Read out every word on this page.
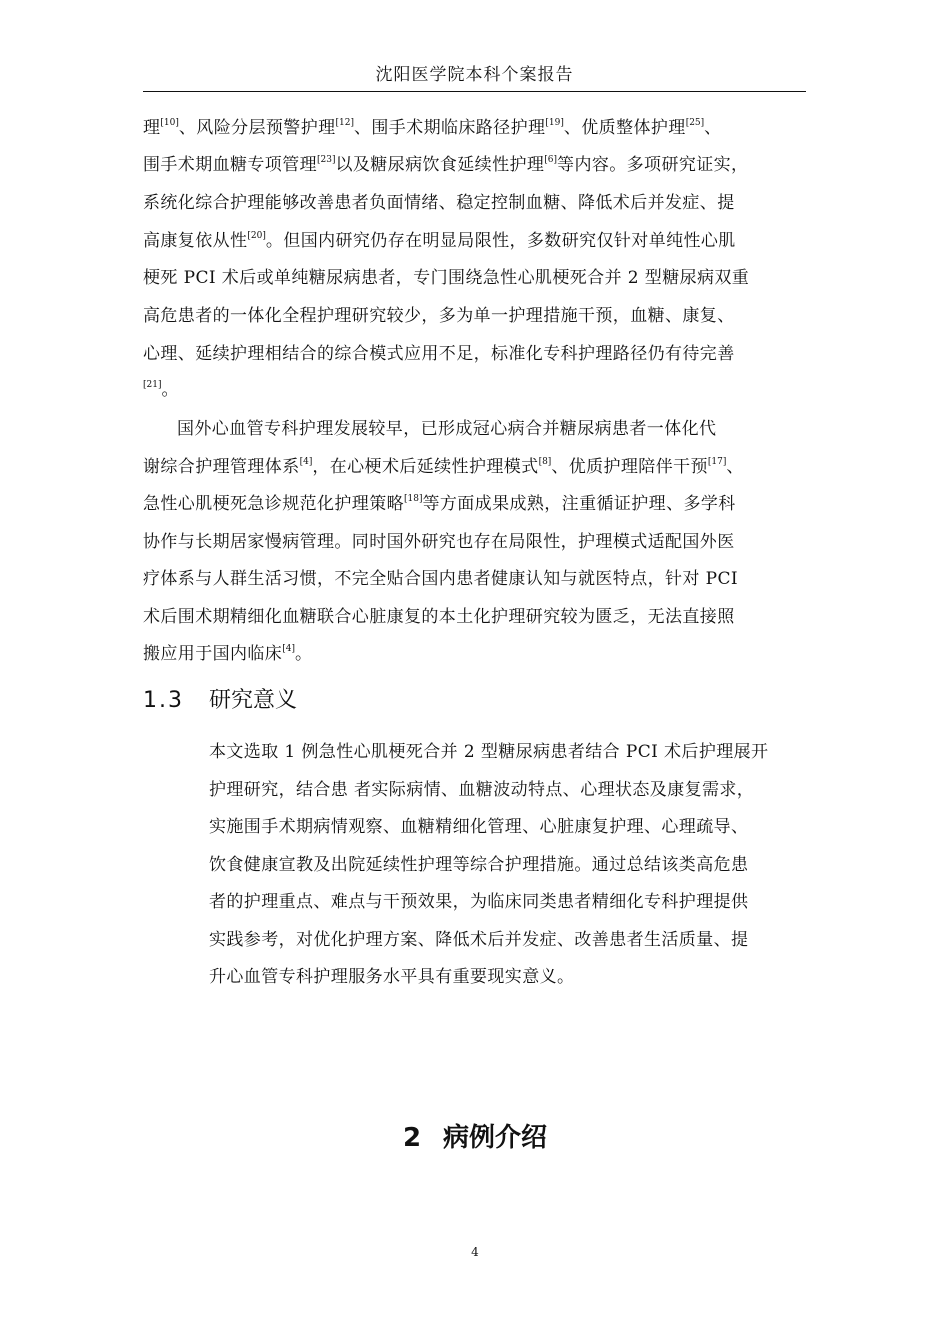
沈阳医学院本科个案报告
理[10]、风险分层预警护理[12]、围手术期临床路径护理[19]、优质整体护理[25]、
围手术期血糖专项管理[23]以及糖尿病饮食延续性护理[6]等内容。多项研究证实，
系统化综合护理能够改善患者负面情绪、稳定控制血糖、降低术后并发症、提
高康复依从性[20]。但国内研究仍存在明显局限性，多数研究仅针对单纯性心肌
梗死 PCI 术后或单纯糖尿病患者，专门围绕急性心肌梗死合并 2 型糖尿病双重
高危患者的一体化全程护理研究较少，多为单一护理措施干预，血糖、康复、
心理、延续护理相结合的综合模式应用不足，标准化专科护理路径仍有待完善
[21]。
国外心血管专科护理发展较早，已形成冠心病合并糖尿病患者一体化代
谢综合护理管理体系[4]，在心梗术后延续性护理模式[8]、优质护理陪伴干预[17]、
急性心肌梗死急诊规范化护理策略[18]等方面成果成熟，注重循证护理、多学科
协作与长期居家慢病管理。同时国外研究也存在局限性，护理模式适配国外医
疗体系与人群生活习惯，不完全贴合国内患者健康认知与就医特点，针对 PCI
术后围术期精细化血糖联合心脏康复的本土化护理研究较为匮乏，无法直接照
搬应用于国内临床[4]。
1.3 研究意义
本文选取 1 例急性心肌梗死合并 2 型糖尿病患者结合 PCI 术后护理展开
护理研究，结合患 者实际病情、血糖波动特点、心理状态及康复需求，
实施围手术期病情观察、血糖精细化管理、心脏康复护理、心理疏导、
饮食健康宣教及出院延续性护理等综合护理措施。通过总结该类高危患
者的护理重点、难点与干预效果，为临床同类患者精细化专科护理提供
实践参考，对优化护理方案、降低术后并发症、改善患者生活质量、提
升心血管专科护理服务水平具有重要现实意义。
2 病例介绍
4
